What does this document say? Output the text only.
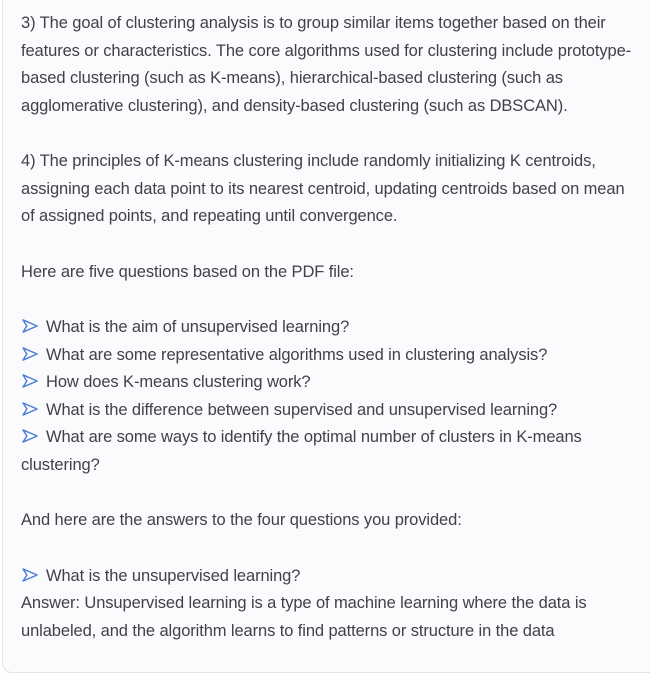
3) The goal of clustering analysis is to group similar items together based on their features or characteristics. The core algorithms used for clustering include prototype-based clustering (such as K-means), hierarchical-based clustering (such as agglomerative clustering), and density-based clustering (such as DBSCAN).

4) The principles of K-means clustering include randomly initializing K centroids, assigning each data point to its nearest centroid, updating centroids based on mean of assigned points, and repeating until convergence.

Here are five questions based on the PDF file:

What is the aim of unsupervised learning?
What are some representative algorithms used in clustering analysis?
How does K-means clustering work?
What is the difference between supervised and unsupervised learning?
What are some ways to identify the optimal number of clusters in K-means clustering?

And here are the answers to the four questions you provided:

What is the unsupervised learning?
Answer: Unsupervised learning is a type of machine learning where the data is unlabeled, and the algorithm learns to find patterns or structure in the data
